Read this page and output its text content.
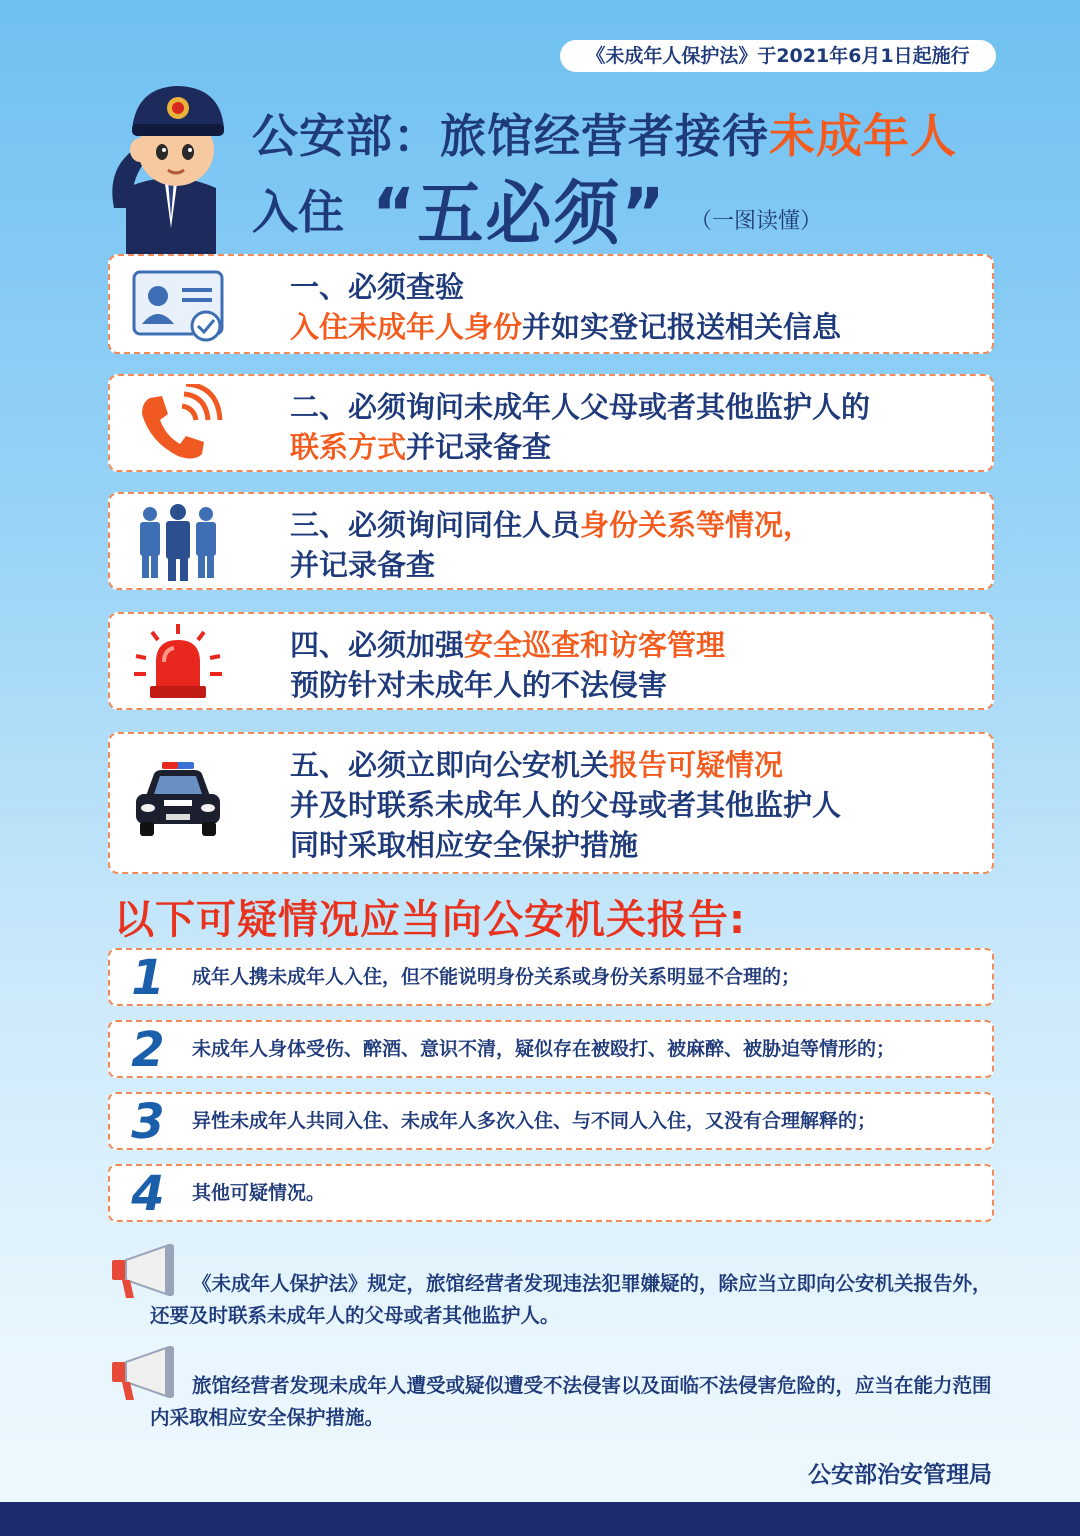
《未成年人保护法》于2021年6月1日起施行
公安部：旅馆经营者接待未成年人
入住 “五必须” （一图读懂）
一、必须查验
入住未成年人身份并如实登记报送相关信息
二、必须询问未成年人父母或者其他监护人的
联系方式并记录备查
三、必须询问同住人员身份关系等情况，
并记录备查
四、必须加强安全巡查和访客管理
预防针对未成年人的不法侵害
五、必须立即向公安机关报告可疑情况
并及时联系未成年人的父母或者其他监护人
同时采取相应安全保护措施
以下可疑情况应当向公安机关报告:
1 成年人携未成年人入住，但不能说明身份关系或身份关系明显不合理的；
2 未成年人身体受伤、醉酒、意识不清，疑似存在被殴打、被麻醉、被胁迫等情形的；
3 异性未成年人共同入住、未成年人多次入住、与不同人入住，又没有合理解释的；
4 其他可疑情况。
《未成年人保护法》规定，旅馆经营者发现违法犯罪嫌疑的，除应当立即向公安机关报告外，还要及时联系未成年人的父母或者其他监护人。
旅馆经营者发现未成年人遭受或疑似遭受不法侵害以及面临不法侵害危险的，应当在能力范围内采取相应安全保护措施。
公安部治安管理局
